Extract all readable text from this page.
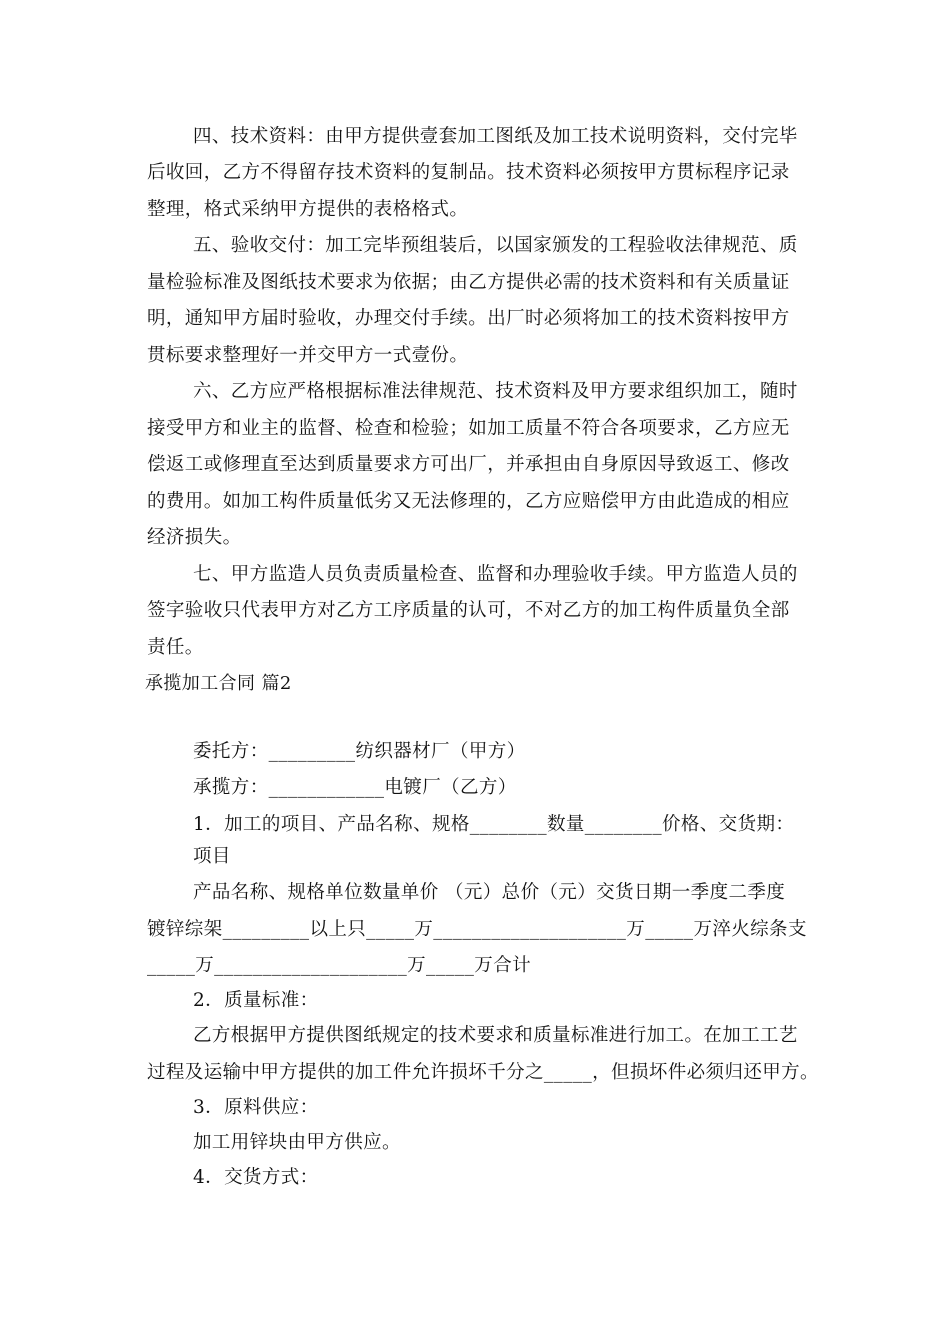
四、技术资料：由甲方提供壹套加工图纸及加工技术说明资料，交付完毕
后收回，乙方不得留存技术资料的复制品。技术资料必须按甲方贯标程序记录
整理，格式采纳甲方提供的表格格式。
五、验收交付：加工完毕预组装后，以国家颁发的工程验收法律规范、质
量检验标准及图纸技术要求为依据；由乙方提供必需的技术资料和有关质量证
明，通知甲方届时验收，办理交付手续。出厂时必须将加工的技术资料按甲方
贯标要求整理好一并交甲方一式壹份。
六、乙方应严格根据标准法律规范、技术资料及甲方要求组织加工，随时
接受甲方和业主的监督、检查和检验；如加工质量不符合各项要求，乙方应无
偿返工或修理直至达到质量要求方可出厂，并承担由自身原因导致返工、修改
的费用。如加工构件质量低劣又无法修理的，乙方应赔偿甲方由此造成的相应
经济损失。
七、甲方监造人员负责质量检查、监督和办理验收手续。甲方监造人员的
签字验收只代表甲方对乙方工序质量的认可，不对乙方的加工构件质量负全部
责任。
承揽加工合同 篇2
委托方：_________纺织器材厂（甲方）
承揽方：____________电镀厂（乙方）
1．加工的项目、产品名称、规格________数量________价格、交货期：
项目
产品名称、规格单位数量单价 （元）总价（元）交货日期一季度二季度
镀锌综架_________以上只_____万____________________万_____万淬火综条支
_____万____________________万_____万合计
2．质量标准：
乙方根据甲方提供图纸规定的技术要求和质量标准进行加工。在加工工艺
过程及运输中甲方提供的加工件允许损坏千分之_____，但损坏件必须归还甲方。
3．原料供应：
加工用锌块由甲方供应。
4．交货方式：
